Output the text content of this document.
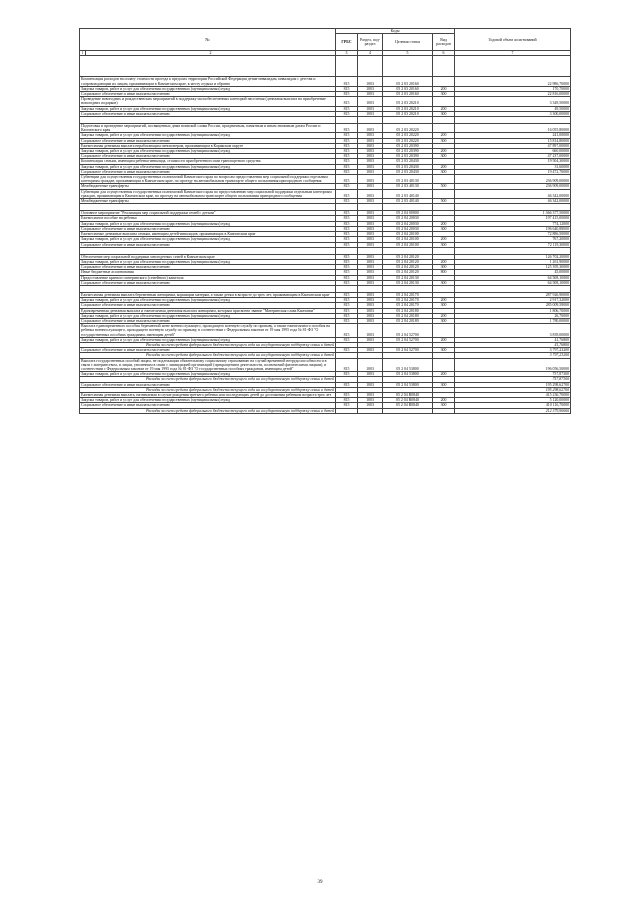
№		Коды				Годовой объем ассигнований
		ГРБС	Раздел, под-раздел	Целевая статья	Вид расходов	
1	2	3	4	5	6	7

Компенсация расходов на оплату стоимости проезда к предолах территории Российской Федерации детям-инвалидам, инвалидам с детства и сопровождающим их лицам, проживающим в Камчатском крае, к месту отдыха и обратно		815	1003	05 2 03 20160		22 986,70000
Закупка товаров, работ и услуг для обеспечения государственных (муниципальных) нужд		815	1003	05 2 03 20160	200	170,70000
Социальное обеспечение и иные выплаты населению		815	1003	05 2 03 20160	300	22 816,00000
Проведение новогодних и рождественских мероприятий в поддержку малообеспеченных категорий населения (денежная выплата на приобретение новогодних подарков)		815	1003	05 2 03 20210		3 349,50000
Закупка товаров, работ и услуг для обеспечения государственных (муниципальных) нужд		815	1003	05 2 03 20210	200	49,50000
Социальное обеспечение и иные выплаты населению		815	1003	05 2 03 20210	300	3 300,00000

Подготовка и проведение мероприятий, посвященных дням воинской славы России, праздничным, памятным и иным значимым датам России и Камчатского края		815	1003	05 2 03 20220		16 055,80000
Закупка товаров, работ и услуг для обеспечения государственных (муниципальных) нужд		815	1003	05 2 03 20220	200	241,00000
Социальное обеспечение и иные выплаты населению		815	1003	05 2 03 20220	300	15 814,80000
Ежемесячная денежная выплата неработающим пенсионерам, проживающим в Корякском округе		815	1003	05 2 03 20390		47 897,00000
Закупка товаров, работ и услуг для обеспечения государственных (муниципальных) нужд		815	1003	05 2 03 20390	200	660,00000
Социальное обеспечение и иные выплаты населению		815	1003	05 2 03 20390	300	47 237,00000
Компенсация семьям, имеющим ребенка-инвалида, стоимости приобретенного ими транспортного средства		815	1003	05 2 03 20430		19 504,30000
Закупка товаров, работ и услуг для обеспечения государственных (муниципальных) нужд		815	1003	05 2 03 20430	200	31,60000
Социальное обеспечение и иные выплаты населению		815	1003	05 2 03 20430	300	19 472,70000
Субвенции для осуществления государственных полномочий Камчатского края по вопросам предоставления мер социальной поддержки отдельным категориям граждан, проживающим в Камчатском крае, по проезду на автомобильном транспорте общего пользования пригородного сообщения		815	1003	05 2 03 40130		236 909,00000
Межбюджетные трансферты		815	1003	05 2 03 40130	500	236 909,00000
Субвенции для осуществления государственных полномочий Камчатского края по предоставлению мер социальной поддержки отдельным категориям граждан, проживающим в Камчатском крае, по проезду на автомобильном транспорте общего пользования пригородного сообщения		815	1003	05 2 03 40140		46 342,00000
Межбюджетные трансферты		815	1003	05 2 03 40140	500	46 342,00000

Основное мероприятие "Реализация мер социальной поддержки семей с детьми"		815	1003	05 2 04 00000		1 366 377,50000
Ежемесячное пособие на ребенка		815	1003	05 2 04 20030		197 415,00000
Закупка товаров, работ и услуг для обеспечения государственных (муниципальных) нужд		815	1003	05 2 04 20030	200	774,12000
Социальное обеспечение и иные выплаты населению		815	1003	05 2 04 20030	300	196 640,88000
Ежемесячные денежные выплаты семьям, имеющим детей-инвалидов, проживающих в Камчатском крае		815	1003	05 2 04 20100		72 886,50000
Закупка товаров, работ и услуг для обеспечения государственных (муниципальных) нужд		815	1003	05 2 04 20100	200	767,20000
Социальное обеспечение и иные выплаты населению		815	1003	05 2 04 20100	300	72 119,30000

Обеспечение мер социальной поддержки многодетных семей в Камчатском крае		815	1003	05 2 04 20120		126 702,20000
Закупка товаров, работ и услуг для обеспечения государственных (муниципальных) нужд		815	1003	05 2 04 20120	200	1 261,90000
Социальное обеспечение и иные выплаты населению		815	1003	05 2 04 20120	300	125 395,30000
Иные бюджетные ассигнования		815	1003	05 2 04 20120	800	45,00000
Предоставление краевого материнского (семейного) капитала		815	1003	05 2 04 20130		64 508,10000
Социальное обеспечение и иные выплаты населению		815	1003	05 2 04 20130	300	64 508,10000

Ежемесячная денежная выплата беременным женщинам, кормящим матерям, а также детям в возрасте до трех лет, проживающим в Камчатском крае		815	1003	05 2 04 20170		287 926,90000
Закупка товаров, работ и услуг для обеспечения государственных (муниципальных) нужд		815	1003	05 2 04 20170	200	2 917,32000
Социальное обеспечение и иные выплаты населению		815	1003	05 2 04 20170	300	285 009,58000
Единовременная денежная выплата и ежемесячная денежная выплата женщинам, которым присвоено звание "Материнская слава Камчатки"		815	1003	05 2 04 20180		1 806,70000
Закупка товаров, работ и услуг для обеспечения государственных (муниципальных) нужд		815	1003	05 2 04 20180	200	26,70000
Социальное обеспечение и иные выплаты населению		815	1003	05 2 04 20180	300	1 780,00000
Выплата единовременного пособия беременной жене военнослужащего, проходящего военную службу по призыву, а также ежемесячного пособия на ребенка военнослужащего, проходящего военную службу по призыву, в соответствии с Федеральным законом от 19 мая 1995 года № 81-ФЗ "О государственных пособиях гражданам, имеющим детей"		815	1003	05 2 04 52700		3 839,00000
Закупка товаров, работ и услуг для обеспечения государственных (муниципальных) нужд		815	1003	05 2 04 52700	200	41,76800
Расходы за счет средств федерального бюджета текущего года на государственную поддержку семьи и детей						41,76800
Социальное обеспечение и иные выплаты населению		815	1003	05 2 04 52700	300	3 797,23200
Расходы за счет средств федерального бюджета текущего года на государственную поддержку семьи и детей						3 797,23200
Выплата государственных пособий лицам, не подлежащим обязательному социальному страхованию на случай временной нетрудоспособности и в связи с материнством, и лицам, уволенным в связи с ликвидацией организаций (прекращением деятельности, полномочий физическими лицами), в соответствии с Федеральным законом от 19 мая 1995 года № 81-ФЗ "О государственных пособиях гражданам, имеющим детей"		815	1003	05 2 04 53800		196 056,50000
Закупка товаров, работ и услуг для обеспечения государственных (муниципальных) нужд		815	1003	05 2 04 53800	200	757,87300
Расходы за счет средств федерального бюджета текущего года на государственную поддержку семьи и детей						757,87300
Социальное обеспечение и иные выплаты населению		815	1003	05 2 04 53800	300	195 298,62700
Расходы за счет средств федерального бюджета текущего года на государственную поддержку семьи и детей						195 298,62700
Ежемесячная денежная выплата, назначаемая в случае рождения третьего ребенка или последующих детей до достижения ребенком возраста трех лет		815	1003	05 2 04 R0840		415 236,70000
Закупка товаров, работ и услуг для обеспечения государственных (муниципальных) нужд		815	1003	05 2 04 R0840	200	5 120,00000
Социальное обеспечение и иные выплаты населению		815	1003	05 2 04 R0840	300	410 116,70000
Расходы за счет средств федерального бюджета текущего года на государственную поддержку семьи и детей						212 379,90000
39
